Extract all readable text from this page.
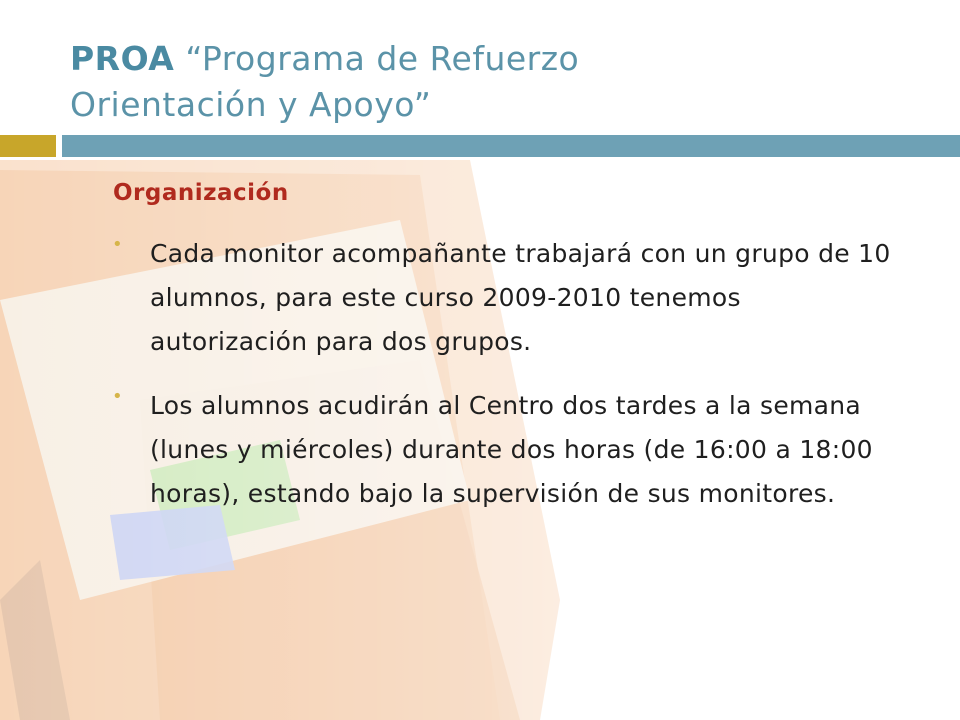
PROA “Programa de Refuerzo
Orientación y Apoyo”
Organización
• Cada monitor acompañante trabajará con un grupo de 10 alumnos, para este curso 2009-2010 tenemos autorización para dos grupos.
• Los alumnos acudirán al Centro dos tardes a la semana (lunes y miércoles) durante dos horas (de 16:00 a 18:00 horas), estando bajo la supervisión de sus monitores.
